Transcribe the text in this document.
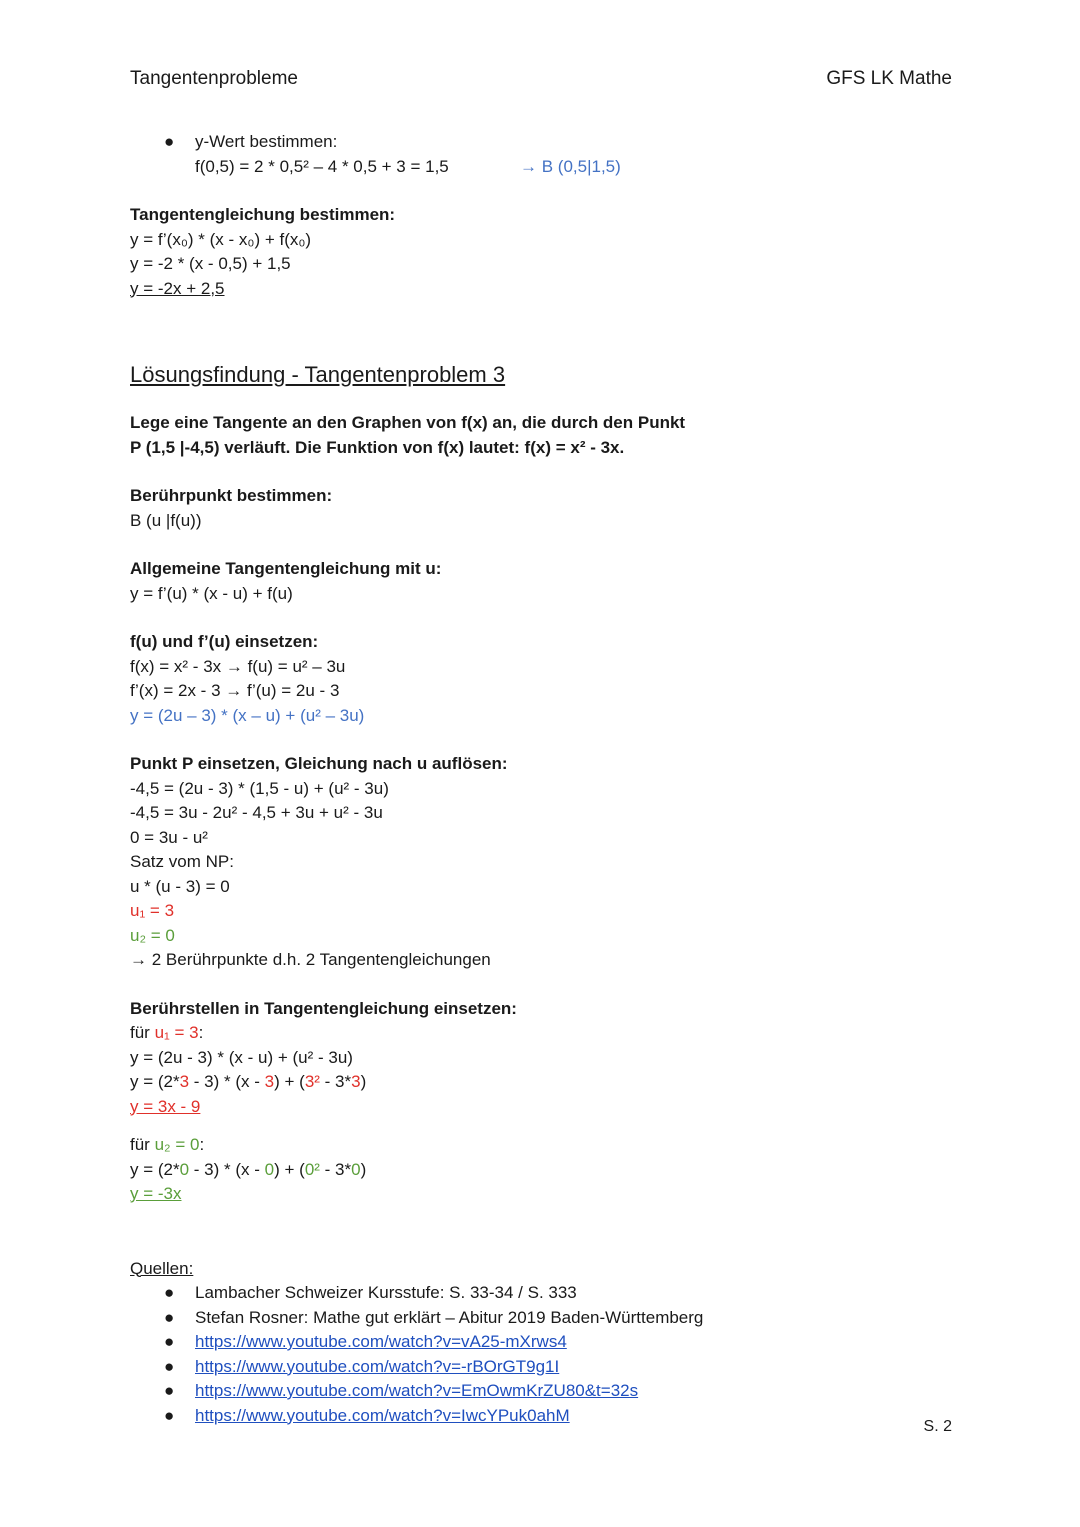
Tangentenprobleme	GFS LK Mathe
● y-Wert bestimmen:
f(0,5) = 2 * 0,5² – 4 * 0,5 + 3 = 1,5	→ B (0,5|1,5)
Tangentengleichung bestimmen:
y = f’(x₀) * (x - x₀) + f(x₀)
y = -2 * (x - 0,5) + 1,5
y = -2x + 2,5
Lösungsfindung - Tangentenproblem 3
Lege eine Tangente an den Graphen von f(x) an, die durch den Punkt
P (1,5 |-4,5) verläuft. Die Funktion von f(x) lautet: f(x) = x² - 3x.
Berührpunkt bestimmen:
B (u |f(u))
Allgemeine Tangentengleichung mit u:
y = f’(u) * (x - u) + f(u)
f(u) und f’(u) einsetzen:
f(x) = x² - 3x → f(u) = u² – 3u
f’(x) = 2x - 3 → f’(u) = 2u - 3
y = (2u – 3) * (x – u) + (u² – 3u)
Punkt P einsetzen, Gleichung nach u auflösen:
-4,5 = (2u - 3) * (1,5 - u) + (u² - 3u)
-4,5 = 3u - 2u² - 4,5 + 3u + u² - 3u
0 = 3u - u²
Satz vom NP:
u * (u - 3) = 0
u₁ = 3
u₂ = 0
→ 2 Berührpunkte d.h. 2 Tangentengleichungen
Berührstellen in Tangentengleichung einsetzen:
für u₁ = 3:
y = (2u - 3) * (x - u) + (u² - 3u)
y = (2*3 - 3) * (x - 3) + (3² - 3*3)
y = 3x - 9
für u₂ = 0:
y = (2*0 - 3) * (x - 0) + (0² - 3*0)
y = -3x
Quellen:
● Lambacher Schweizer Kursstufe: S. 33-34 / S. 333
● Stefan Rosner: Mathe gut erklärt – Abitur 2019 Baden-Württemberg
● https://www.youtube.com/watch?v=vA25-mXrws4
● https://www.youtube.com/watch?v=-rBOrGT9g1I
● https://www.youtube.com/watch?v=EmOwmKrZU80&t=32s
● https://www.youtube.com/watch?v=IwcYPuk0ahM
S. 2
